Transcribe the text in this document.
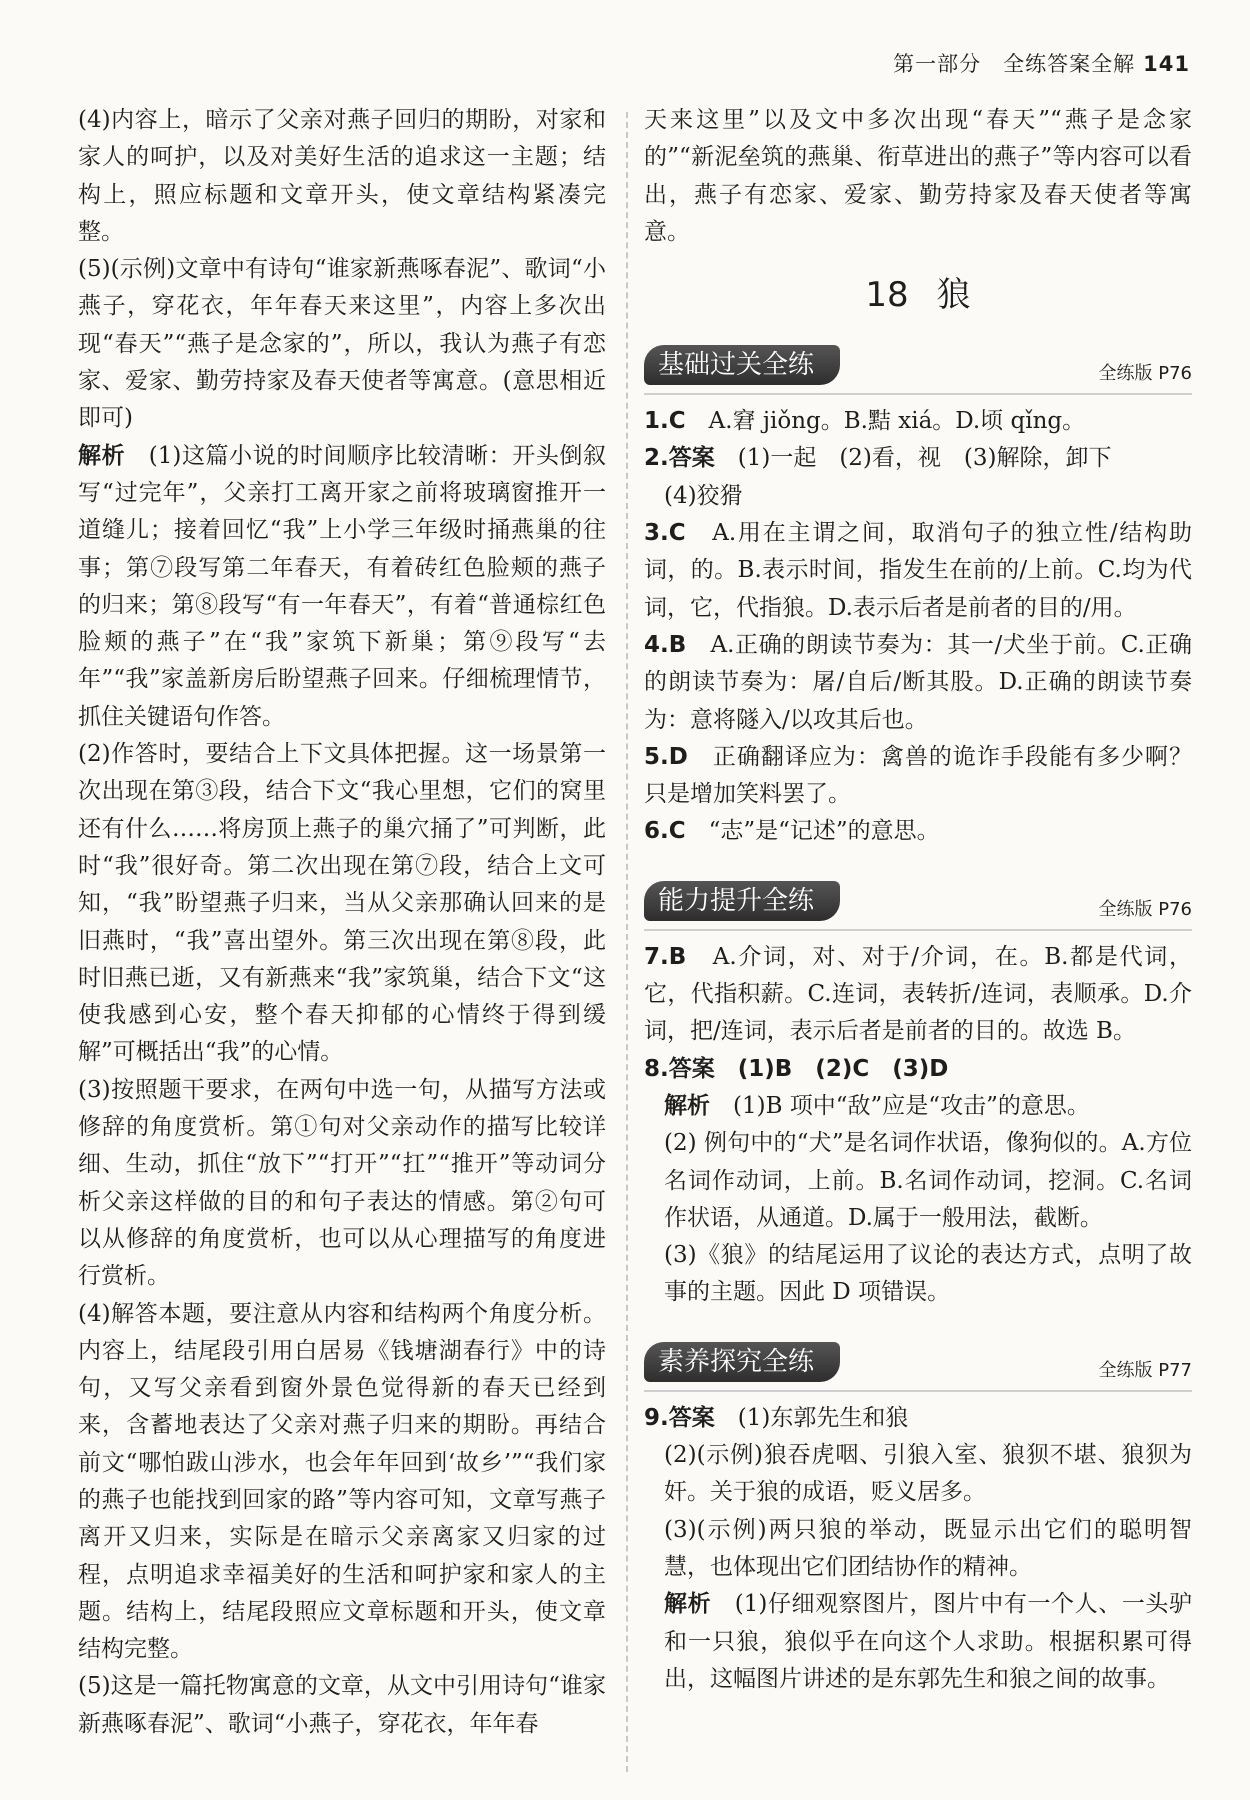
第一部分　全练答案全解 141

(4)内容上，暗示了父亲对燕子回归的期盼，对家和家人的呵护，以及对美好生活的追求这一主题；结构上，照应标题和文章开头，使文章结构紧凑完整。

(5)(示例)文章中有诗句“谁家新燕啄春泥”、歌词“小燕子，穿花衣，年年春天来这里”，内容上多次出现“春天”“燕子是念家的”，所以，我认为燕子有恋家、爱家、勤劳持家及春天使者等寓意。(意思相近即可)

解析　 (1)这篇小说的时间顺序比较清晰：开头倒叙写“过完年”，父亲打工离开家之前将玻璃窗推开一道缝儿；接着回忆“我”上小学三年级时捅燕巢的往事；第⑦段写第二年春天，有着砖红色脸颊的燕子的归来；第⑧段写“有一年春天”，有着“普通棕红色脸颊的燕子”在“我”家筑下新巢；第⑨段写“去年”“我”家盖新房后盼望燕子回来。仔细梳理情节，抓住关键语句作答。

(2)作答时，要结合上下文具体把握。这一场景第一次出现在第③段，结合下文“我心里想，它们的窝里还有什么……将房顶上燕子的巢穴捅了”可判断，此时“我”很好奇。第二次出现在第⑦段，结合上文可知，“我”盼望燕子归来，当从父亲那确认回来的是旧燕时，“我”喜出望外。第三次出现在第⑧段，此时旧燕已逝，又有新燕来“我”家筑巢，结合下文“这使我感到心安，整个春天抑郁的心情终于得到缓解”可概括出“我”的心情。

(3)按照题干要求，在两句中选一句，从描写方法或修辞的角度赏析。第①句对父亲动作的描写比较详细、生动，抓住“放下”“打开”“扛”“推开”等动词分析父亲这样做的目的和句子表达的情感。第②句可以从修辞的角度赏析，也可以从心理描写的角度进行赏析。

(4)解答本题，要注意从内容和结构两个角度分析。内容上，结尾段引用白居易《钱塘湖春行》中的诗句，又写父亲看到窗外景色觉得新的春天已经到来，含蓄地表达了父亲对燕子归来的期盼。再结合前文“哪怕跋山涉水，也会年年回到‘故乡’”“我们家的燕子也能找到回家的路”等内容可知，文章写燕子离开又归来，实际是在暗示父亲离家又归家的过程，点明追求幸福美好的生活和呵护家和家人的主题。结构上，结尾段照应文章标题和开头，使文章结构完整。

(5)这是一篇托物寓意的文章，从文中引用诗句“谁家新燕啄春泥”、歌词“小燕子，穿花衣，年年春

天来这里”以及文中多次出现“春天”“燕子是念家的”“新泥垒筑的燕巢、衔草进出的燕子”等内容可以看出，燕子有恋家、爱家、勤劳持家及春天使者等寓意。

18 狼
基础过关全练	全练版 P76

1.C　 A.窘 jiǒng。B.黠 xiá。D.顷 qǐng。

2.答案　 (1)一起　(2)看，视　(3)解除，卸下

(4)狡猾

3.C　 A.用在主谓之间，取消句子的独立性/结构助词，的。B.表示时间，指发生在前的/上前。C.均为代词，它，代指狼。D.表示后者是前者的目的/用。

4.B　 A.正确的朗读节奏为：其一/犬坐于前。C.正确的朗读节奏为：屠/自后/断其股。D.正确的朗读节奏为：意将隧入/以攻其后也。

5.D　 正确翻译应为：禽兽的诡诈手段能有多少啊？只是增加笑料罢了。

6.C　 “志”是“记述”的意思。

能力提升全练	全练版 P76

7.B　 A.介词，对、对于/介词，在。B.都是代词，它，代指积薪。C.连词，表转折/连词，表顺承。D.介词，把/连词，表示后者是前者的目的。故选 B。

8.答案　 (1)B　(2)C　(3)D

解析　 (1)B 项中“敌”应是“攻击”的意思。

(2) 例句中的“犬”是名词作状语，像狗似的。A.方位名词作动词，上前。B.名词作动词，挖洞。C.名词作状语，从通道。D.属于一般用法，截断。

(3)《狼》的结尾运用了议论的表达方式，点明了故事的主题。因此 D 项错误。

素养探究全练	全练版 P77

9.答案　 (1)东郭先生和狼

(2)(示例)狼吞虎咽、引狼入室、狼狈不堪、狼狈为奸。关于狼的成语，贬义居多。

(3)(示例)两只狼的举动，既显示出它们的聪明智慧，也体现出它们团结协作的精神。

解析　 (1)仔细观察图片，图片中有一个人、一头驴和一只狼，狼似乎在向这个人求助。根据积累可得出，这幅图片讲述的是东郭先生和狼之间的故事。
